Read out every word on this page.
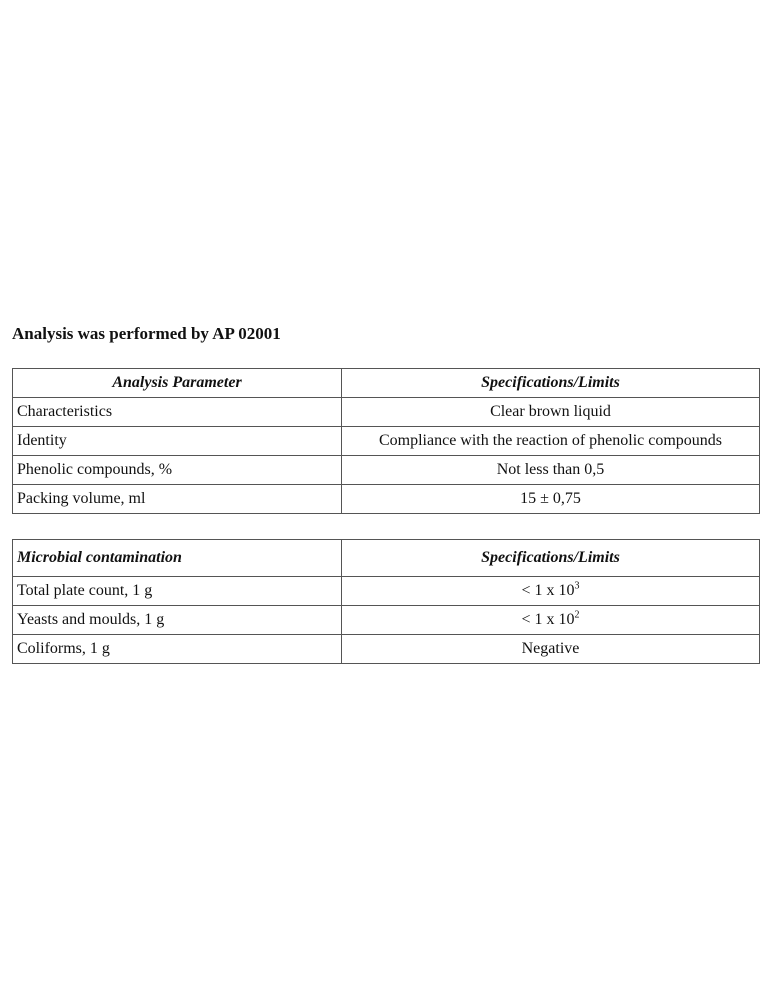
Analysis was performed by AP 02001

Analysis Parameter	Specifications/Limits
Characteristics	Clear brown liquid
Identity	Compliance with the reaction of phenolic compounds
Phenolic compounds, %	Not less than 0,5
Packing volume, ml	15 ± 0,75
Microbial contamination	Specifications/Limits
Total plate count, 1 g	< 1 x $10^3$
Yeasts and moulds, 1 g	< 1 x $10^2$
Coliforms, 1 g	Negative
